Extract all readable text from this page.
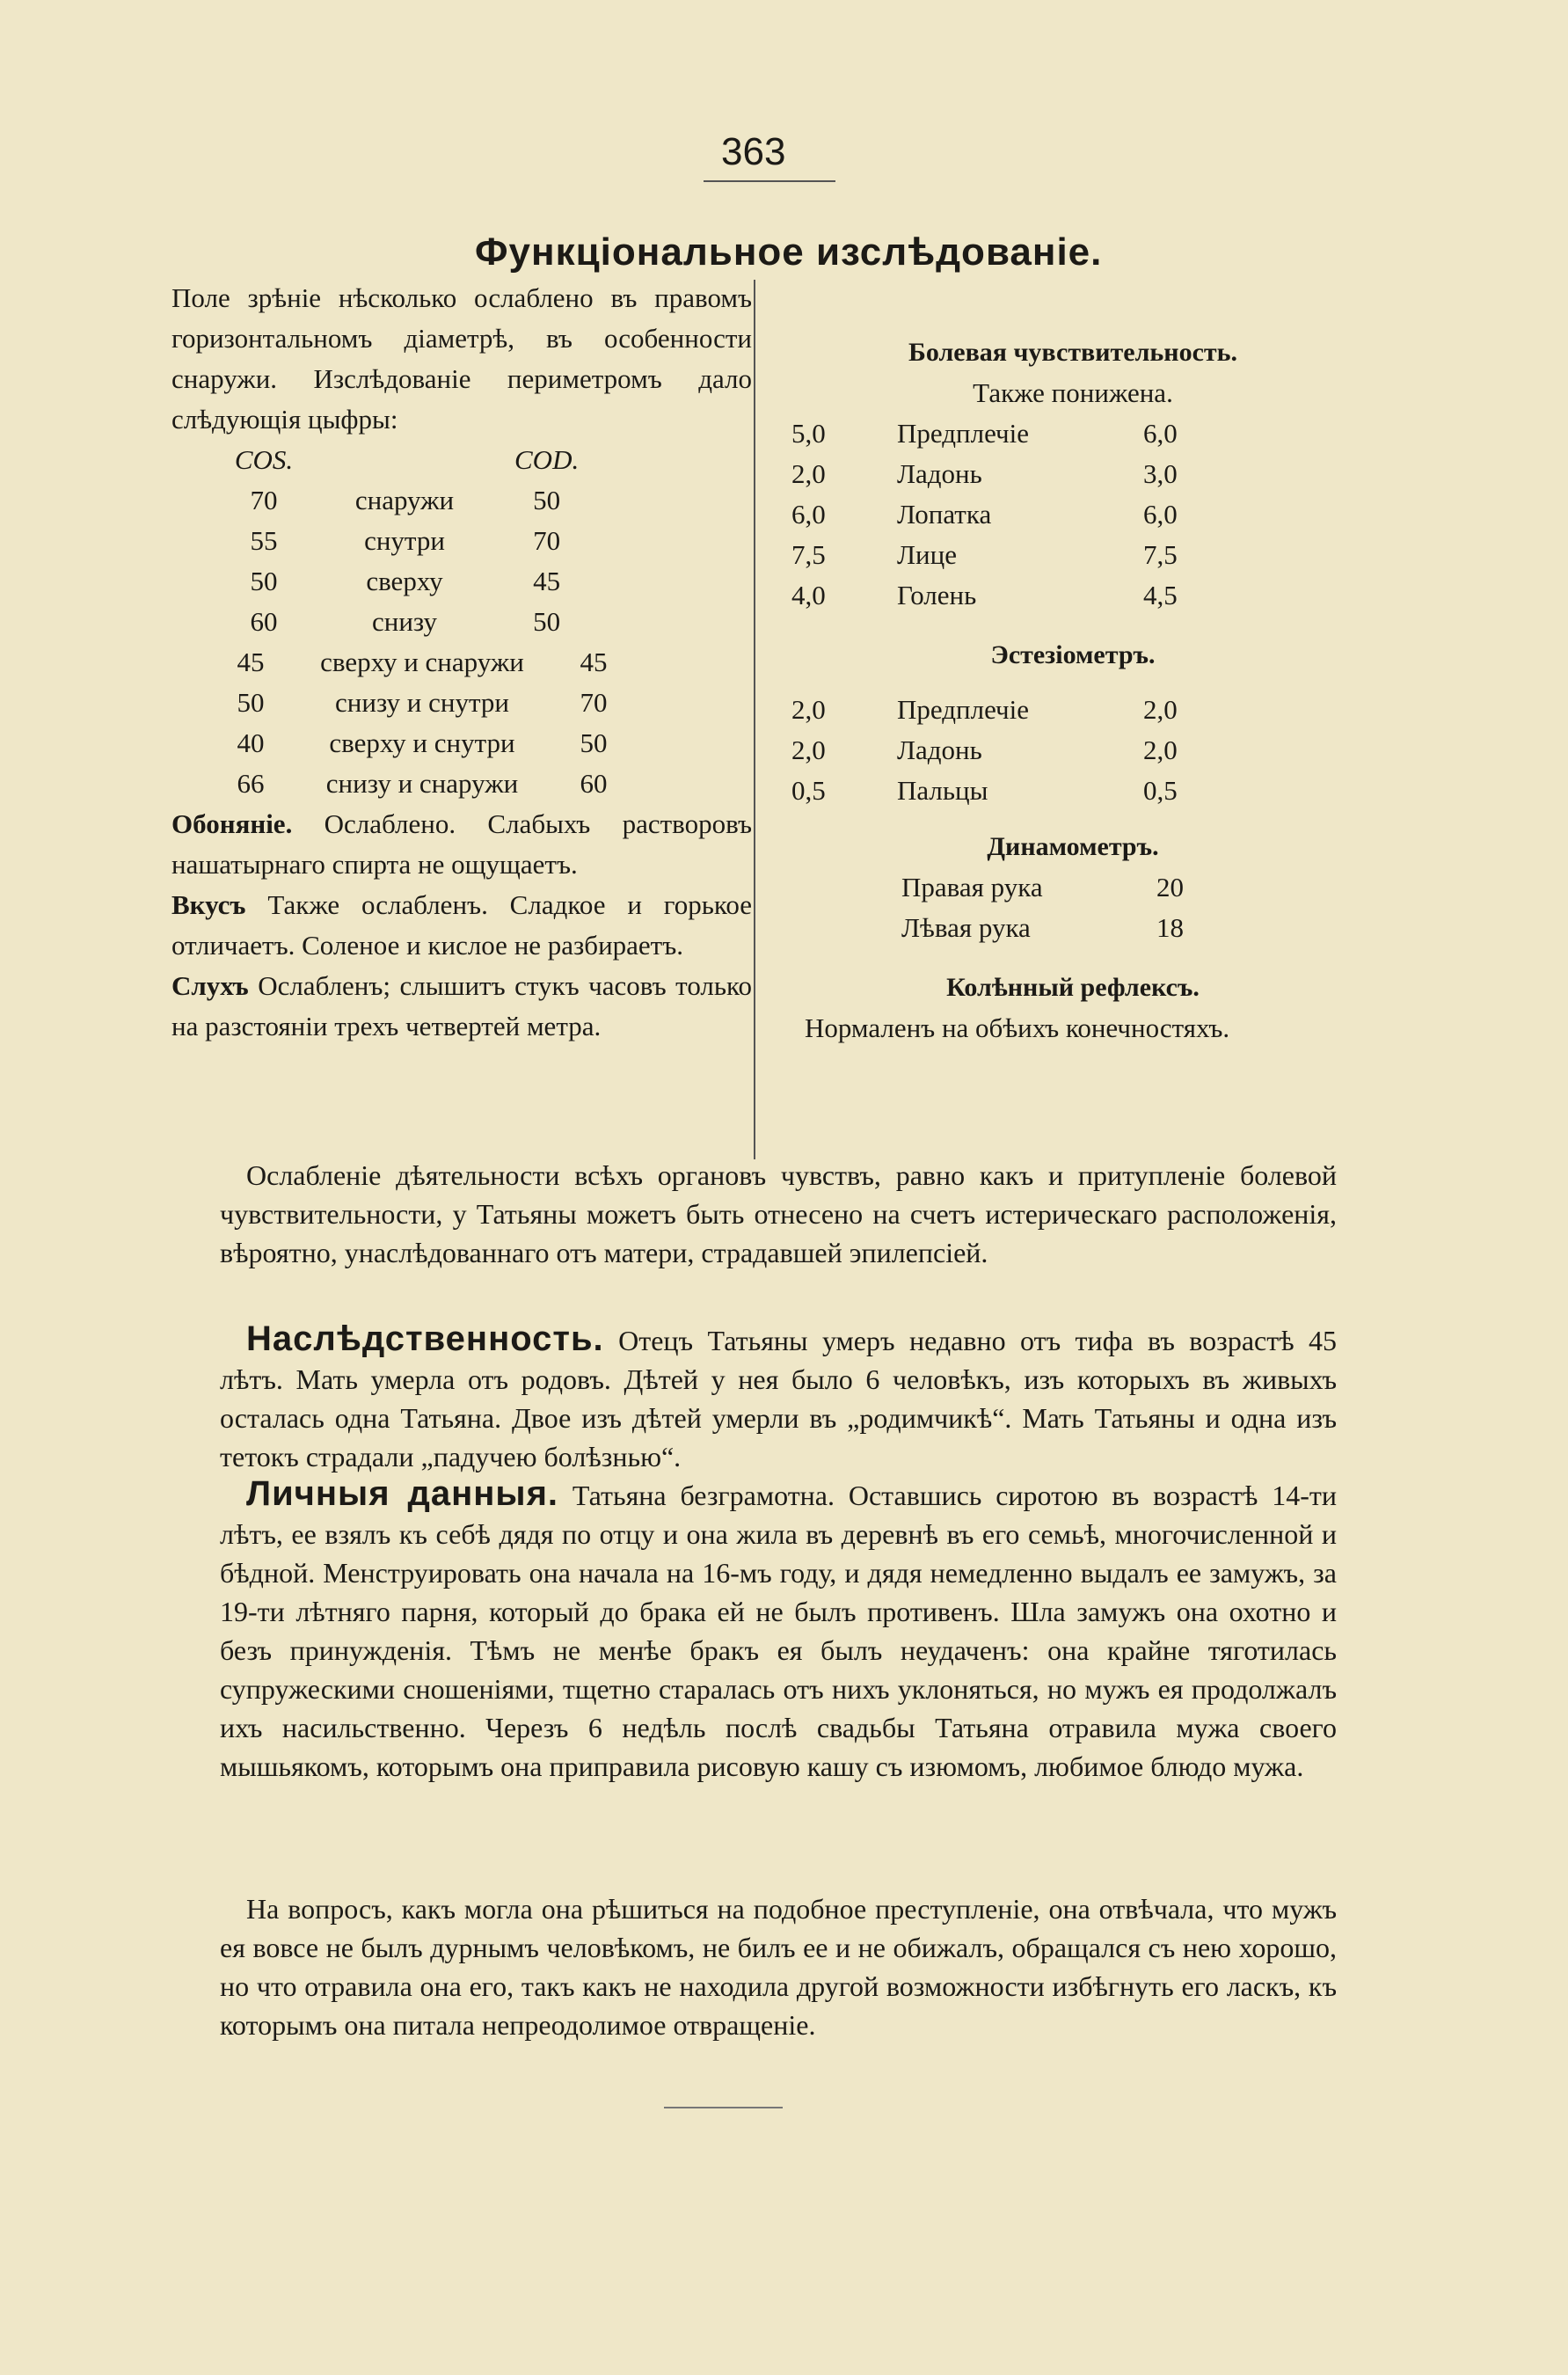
363
Функціональное изслѣдованіе.
Поле зрѣніе нѣсколько ослаблено въ правомъ горизонтальномъ діаметрѣ, въ особенности снаружи. Изслѣдованіе периметромъ дало слѣдующія цыфры:
COS.		COD.
70	снаружи	50
55	снутри	70
50	сверху	45
60	снизу	50
45	сверху и снаружи	45
50	снизу и снутри	70
40	сверху и снутри	50
66	снизу и снаружи	60
Обоняніе. Ослаблено. Слабыхъ растворовъ нашатырнаго спирта не ощущаетъ.
Вкусъ Также ослабленъ. Сладкое и горькое отличаетъ. Соленое и кислое не разбираетъ.
Слухъ Ослабленъ; слышитъ стукъ часовъ только на разстояніи трехъ четвертей метра.
Болевая чувствительность.
Также понижена.
5,0	Предплечіе	6,0
2,0	Ладонь	3,0
6,0	Лопатка	6,0
7,5	Лице	7,5
4,0	Голень	4,5
Эстезіометръ.
2,0	Предплечіе	2,0
2,0	Ладонь	2,0
0,5	Пальцы	0,5
Динамометръ.
Правая рука	20
Лѣвая рука	18
Колѣнный рефлексъ.
Нормаленъ на обѣихъ конечностяхъ.
Ослабленіе дѣятельности всѣхъ органовъ чувствъ, равно какъ и притупленіе болевой чувствительности, у Татьяны можетъ быть отнесено на счетъ истерическаго расположенія, вѣроятно, унаслѣдованнаго отъ матери, страдавшей эпилепсіей.
Наслѣдственность. Отецъ Татьяны умеръ недавно отъ тифа въ возрастѣ 45 лѣтъ. Мать умерла отъ родовъ. Дѣтей у нея было 6 человѣкъ, изъ которыхъ въ живыхъ осталась одна Татьяна. Двое изъ дѣтей умерли въ „родимчикѣ“. Мать Татьяны и одна изъ тетокъ страдали „падучею болѣзнью“.
Личныя данныя. Татьяна безграмотна. Оставшись сиротою въ возрастѣ 14-ти лѣтъ, ее взялъ къ себѣ дядя по отцу и она жила въ деревнѣ въ его семьѣ, многочисленной и бѣдной. Менструировать она начала на 16-мъ году, и дядя немедленно выдалъ ее замужъ, за 19-ти лѣтняго парня, который до брака ей не былъ противенъ. Шла замужъ она охотно и безъ принужденія. Тѣмъ не менѣе бракъ ея былъ неудаченъ: она крайне тяготилась супружескими сношеніями, тщетно старалась отъ нихъ уклоняться, но мужъ ея продолжалъ ихъ насильственно. Черезъ 6 недѣль послѣ свадьбы Татьяна отравила мужа своего мышьякомъ, которымъ она приправила рисовую кашу съ изюмомъ, любимое блюдо мужа.
На вопросъ, какъ могла она рѣшиться на подобное преступленіе, она отвѣчала, что мужъ ея вовсе не былъ дурнымъ человѣкомъ, не билъ ее и не обижалъ, обращался съ нею хорошо, но что отравила она его, такъ какъ не находила другой возможности избѣгнуть его ласкъ, къ которымъ она питала непреодолимое отвращеніе.
